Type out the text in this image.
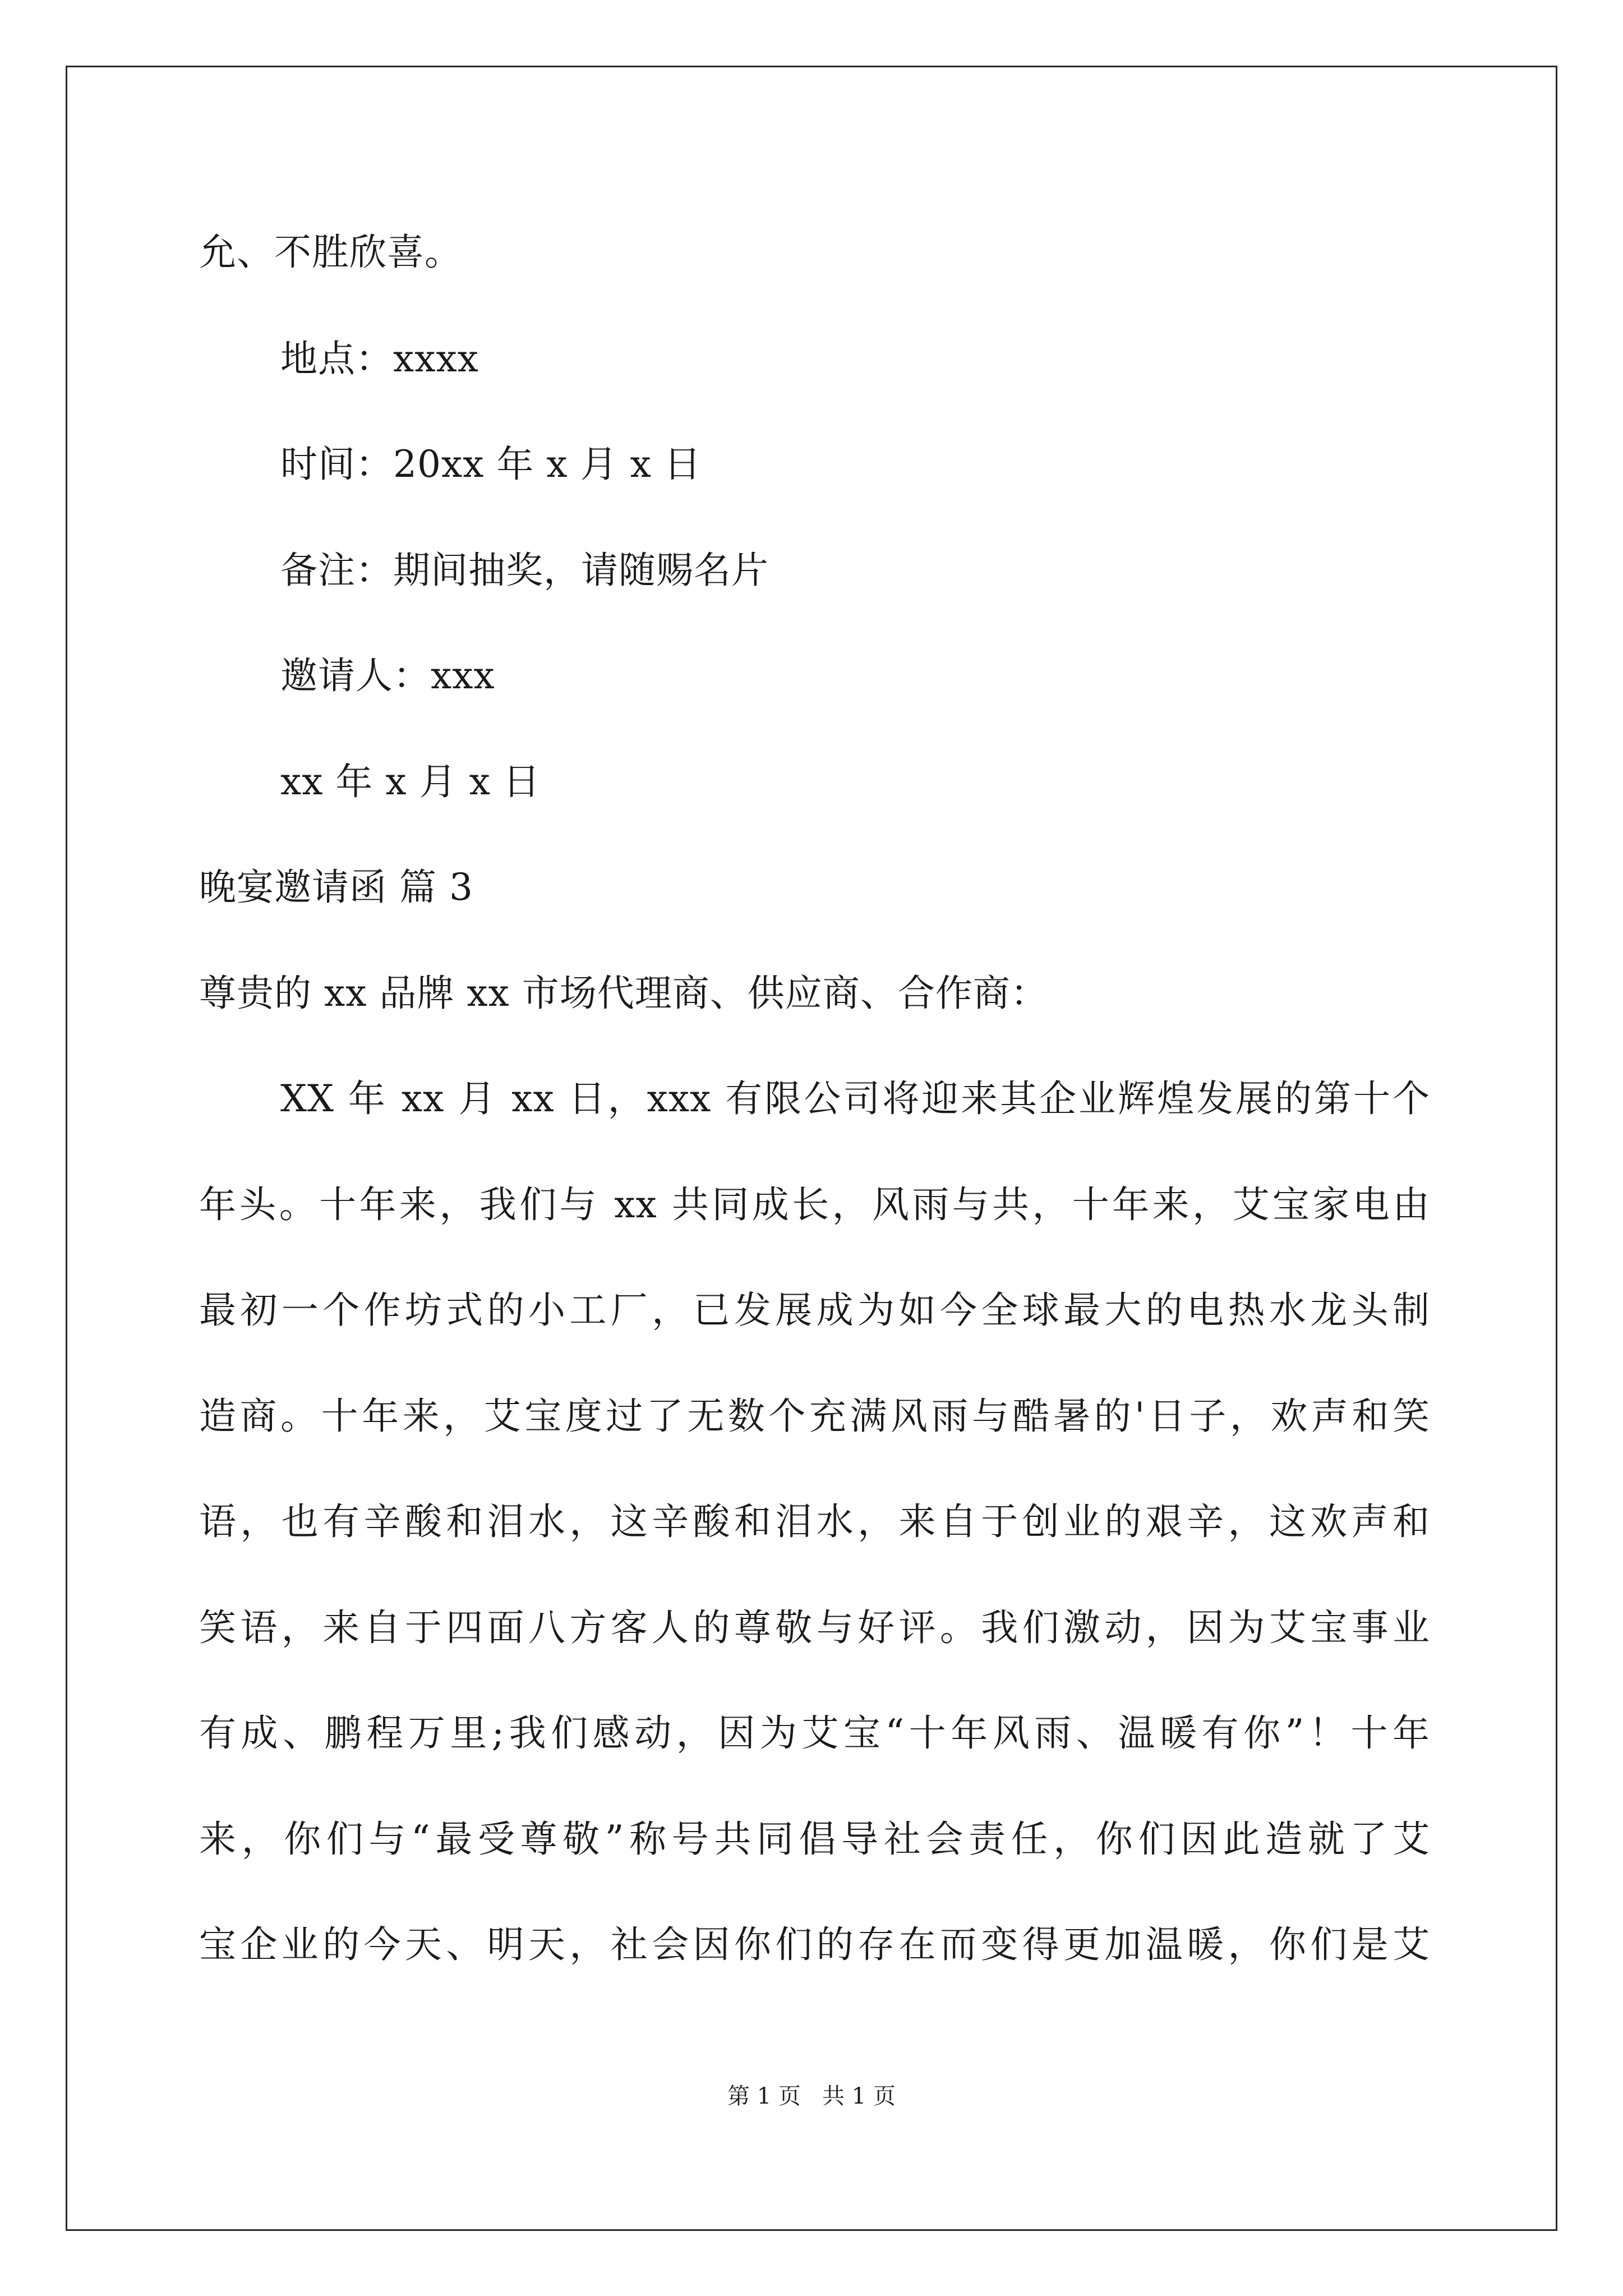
允、不胜欣喜。
地点：xxxx
时间：20xx 年 x 月 x 日
备注：期间抽奖，请随赐名片
邀请人：xxx
xx 年 x 月 x 日
晚宴邀请函 篇 3
尊贵的 xx 品牌 xx 市场代理商、供应商、合作商：
XX 年 xx 月 xx 日，xxx 有限公司将迎来其企业辉煌发展的第十个
年头。十年来，我们与 xx 共同成长，风雨与共，十年来，艾宝家电由
最初一个作坊式的小工厂，已发展成为如今全球最大的电热水龙头制
造商。十年来，艾宝度过了无数个充满风雨与酷暑的'日子，欢声和笑
语，也有辛酸和泪水，这辛酸和泪水，来自于创业的艰辛，这欢声和
笑语，来自于四面八方客人的尊敬与好评。我们激动，因为艾宝事业
有成、鹏程万里;我们感动，因为艾宝“十年风雨、温暖有你”！十年
来，你们与“最受尊敬”称号共同倡导社会责任，你们因此造就了艾
宝企业的今天、明天，社会因你们的存在而变得更加温暖，你们是艾
第 1 页   共 1 页
